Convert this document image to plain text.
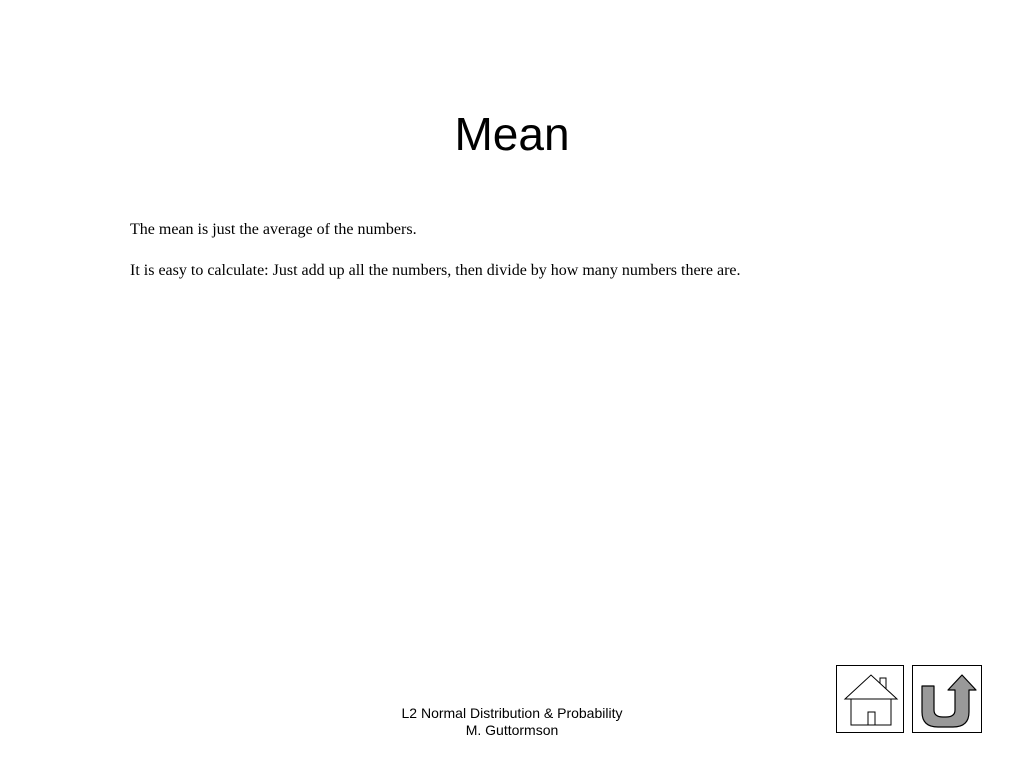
Mean
The mean is just the average of the numbers.
It is easy to calculate: Just add up all the numbers, then divide by how many numbers there are.
L2 Normal Distribution & Probability
M. Guttormson
